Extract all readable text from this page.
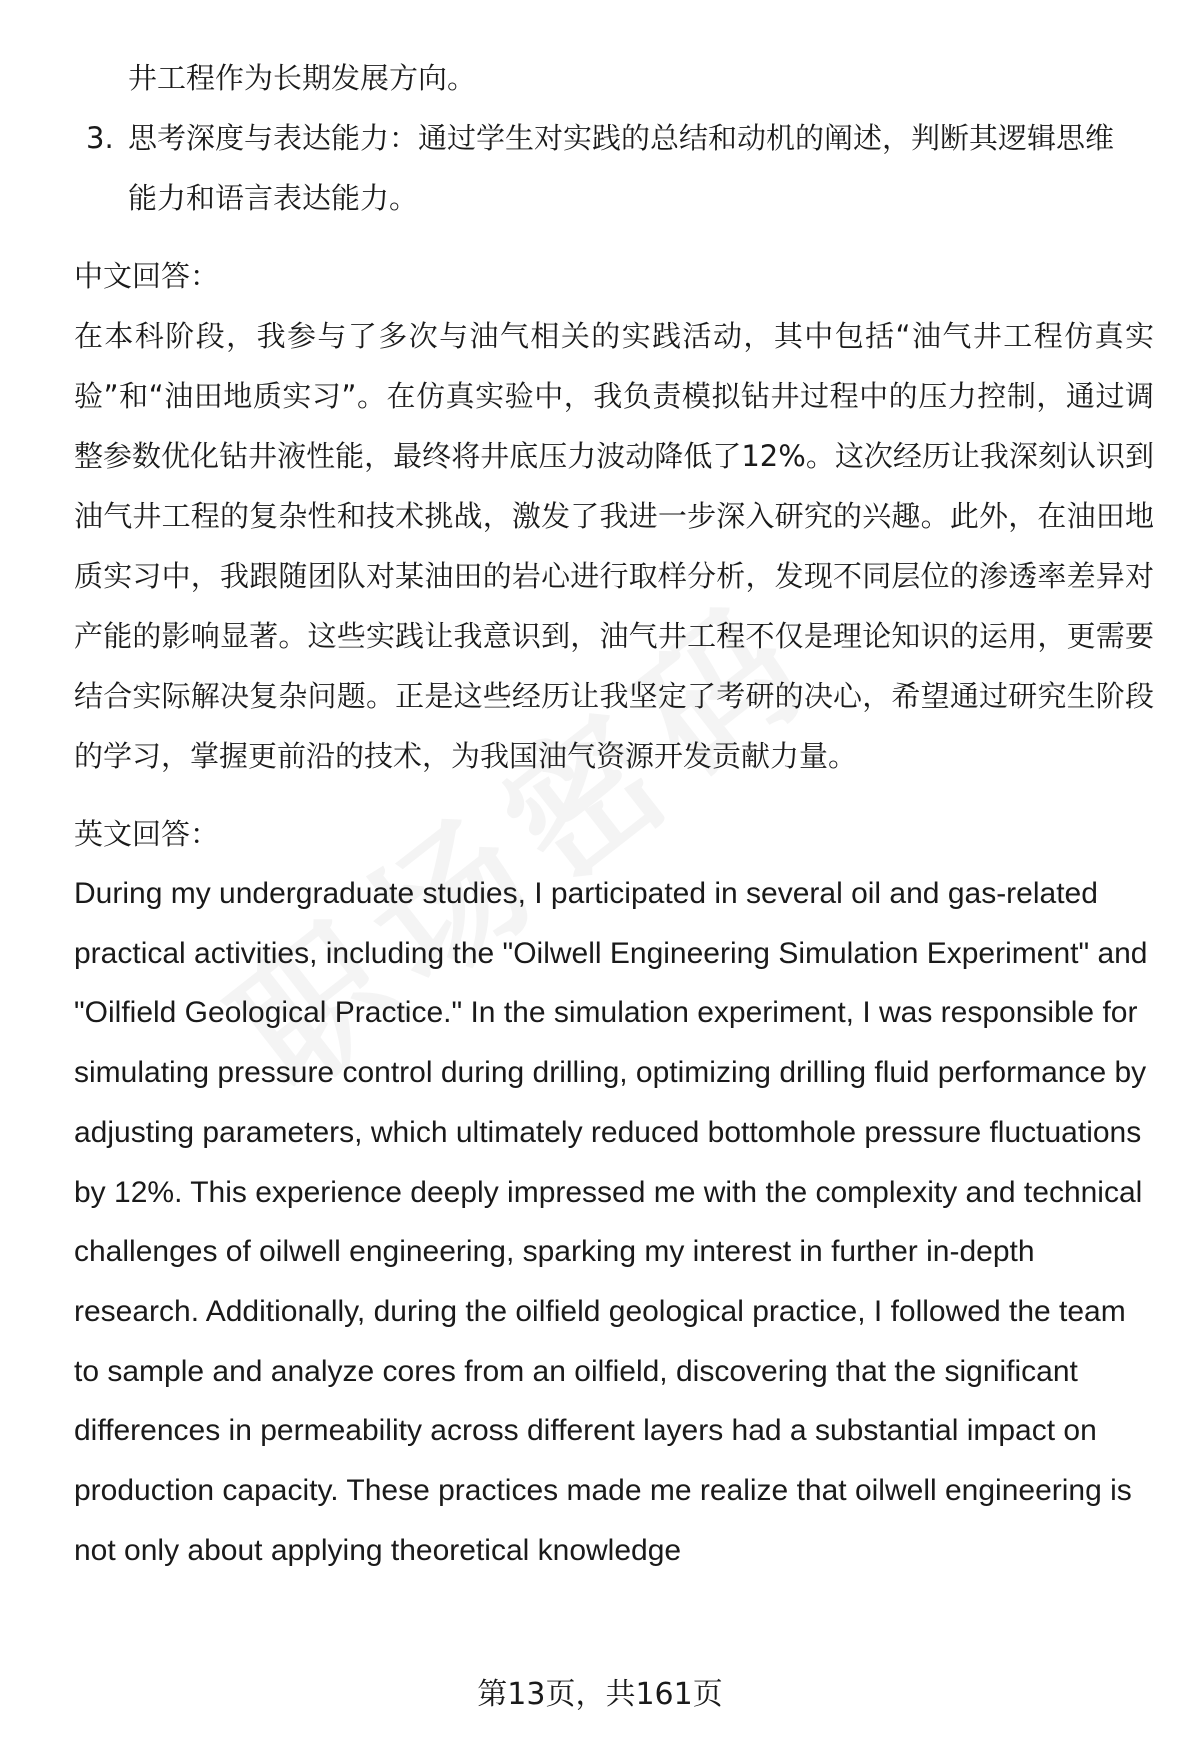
井工程作为长期发展方向。

3. 思考深度与表达能力：通过学生对实践的总结和动机的阐述，判断其逻辑思维

能力和语言表达能力。

中文回答：

在本科阶段，我参与了多次与油气相关的实践活动，其中包括“油气井工程仿真实验”和“油田地质实习”。在仿真实验中，我负责模拟钻井过程中的压力控制，通过调整参数优化钻井液性能，最终将井底压力波动降低了12%。这次经历让我深刻认识到油气井工程的复杂性和技术挑战，激发了我进一步深入研究的兴趣。此外，在油田地质实习中，我跟随团队对某油田的岩心进行取样分析，发现不同层位的渗透率差异对产能的影响显著。这些实践让我意识到，油气井工程不仅是理论知识的运用，更需要结合实际解决复杂问题。正是这些经历让我坚定了考研的决心，希望通过研究生阶段的学习，掌握更前沿的技术，为我国油气资源开发贡献力量。

英文回答：

During my undergraduate studies, I participated in several oil and gas-related practical activities, including the "Oilwell Engineering Simulation Experiment" and "Oilfield Geological Practice." In the simulation experiment, I was responsible for simulating pressure control during drilling, optimizing drilling fluid performance by adjusting parameters, which ultimately reduced bottomhole pressure fluctuations by 12%. This experience deeply impressed me with the complexity and technical challenges of oilwell engineering, sparking my interest in further in-depth research. Additionally, during the oilfield geological practice, I followed the team to sample and analyze cores from an oilfield, discovering that the significant differences in permeability across different layers had a substantial impact on production capacity. These practices made me realize that oilwell engineering is not only about applying theoretical knowledge

第13页，共161页
